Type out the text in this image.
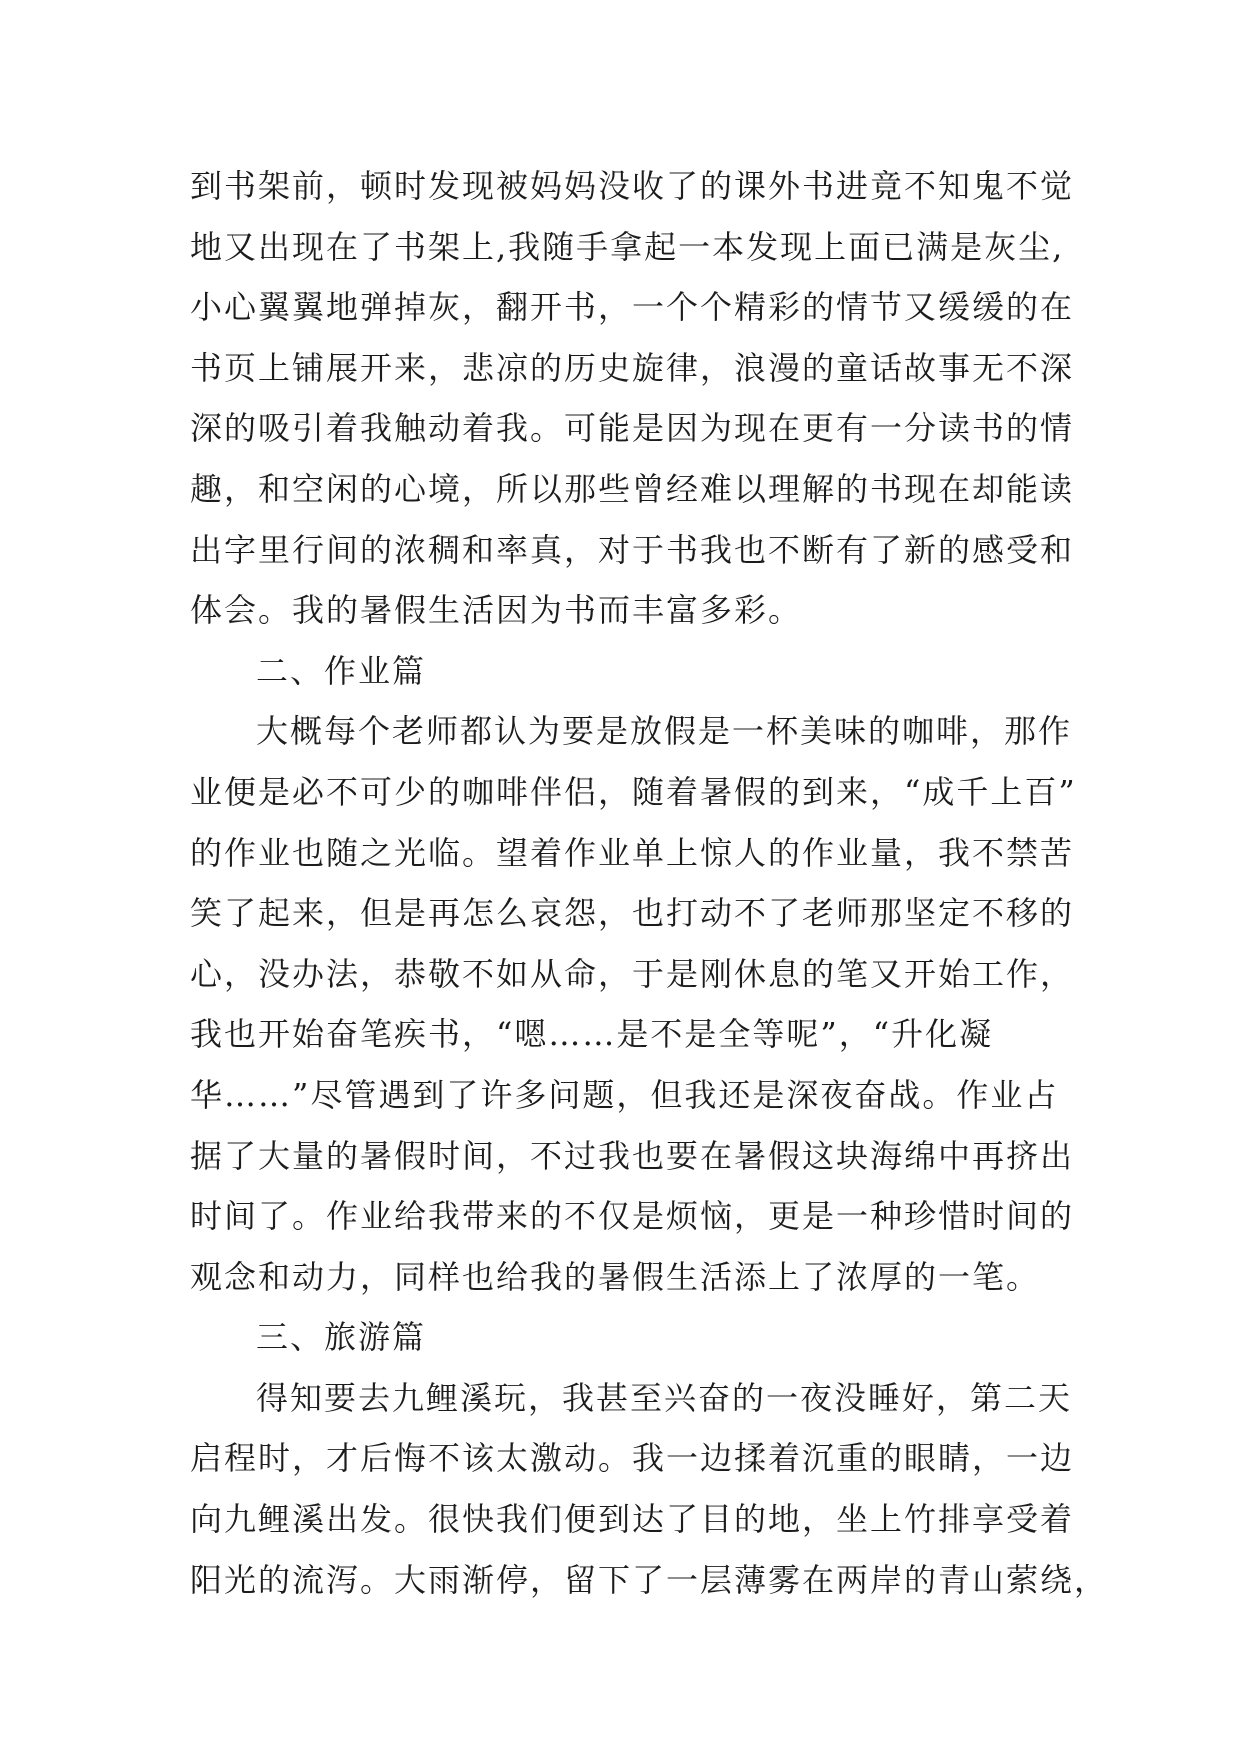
到书架前，顿时发现被妈妈没收了的课外书进竟不知鬼不觉
地又出现在了书架上,我随手拿起一本发现上面已满是灰尘,
小心翼翼地弹掉灰，翻开书，一个个精彩的情节又缓缓的在
书页上铺展开来，悲凉的历史旋律，浪漫的童话故事无不深
深的吸引着我触动着我。可能是因为现在更有一分读书的情
趣，和空闲的心境，所以那些曾经难以理解的书现在却能读
出字里行间的浓稠和率真，对于书我也不断有了新的感受和
体会。我的暑假生活因为书而丰富多彩。
二、作业篇
大概每个老师都认为要是放假是一杯美味的咖啡，那作
业便是必不可少的咖啡伴侣，随着暑假的到来，“成千上百”
的作业也随之光临。望着作业单上惊人的作业量，我不禁苦
笑了起来，但是再怎么哀怨，也打动不了老师那坚定不移的
心，没办法，恭敬不如从命，于是刚休息的笔又开始工作，
我也开始奋笔疾书，“嗯……是不是全等呢”，“升化凝
华……”尽管遇到了许多问题，但我还是深夜奋战。作业占
据了大量的暑假时间，不过我也要在暑假这块海绵中再挤出
时间了。作业给我带来的不仅是烦恼，更是一种珍惜时间的
观念和动力，同样也给我的暑假生活添上了浓厚的一笔。
三、旅游篇
得知要去九鲤溪玩，我甚至兴奋的一夜没睡好，第二天
启程时，才后悔不该太激动。我一边揉着沉重的眼睛，一边
向九鲤溪出发。很快我们便到达了目的地，坐上竹排享受着
阳光的流泻。大雨渐停，留下了一层薄雾在两岸的青山萦绕，
